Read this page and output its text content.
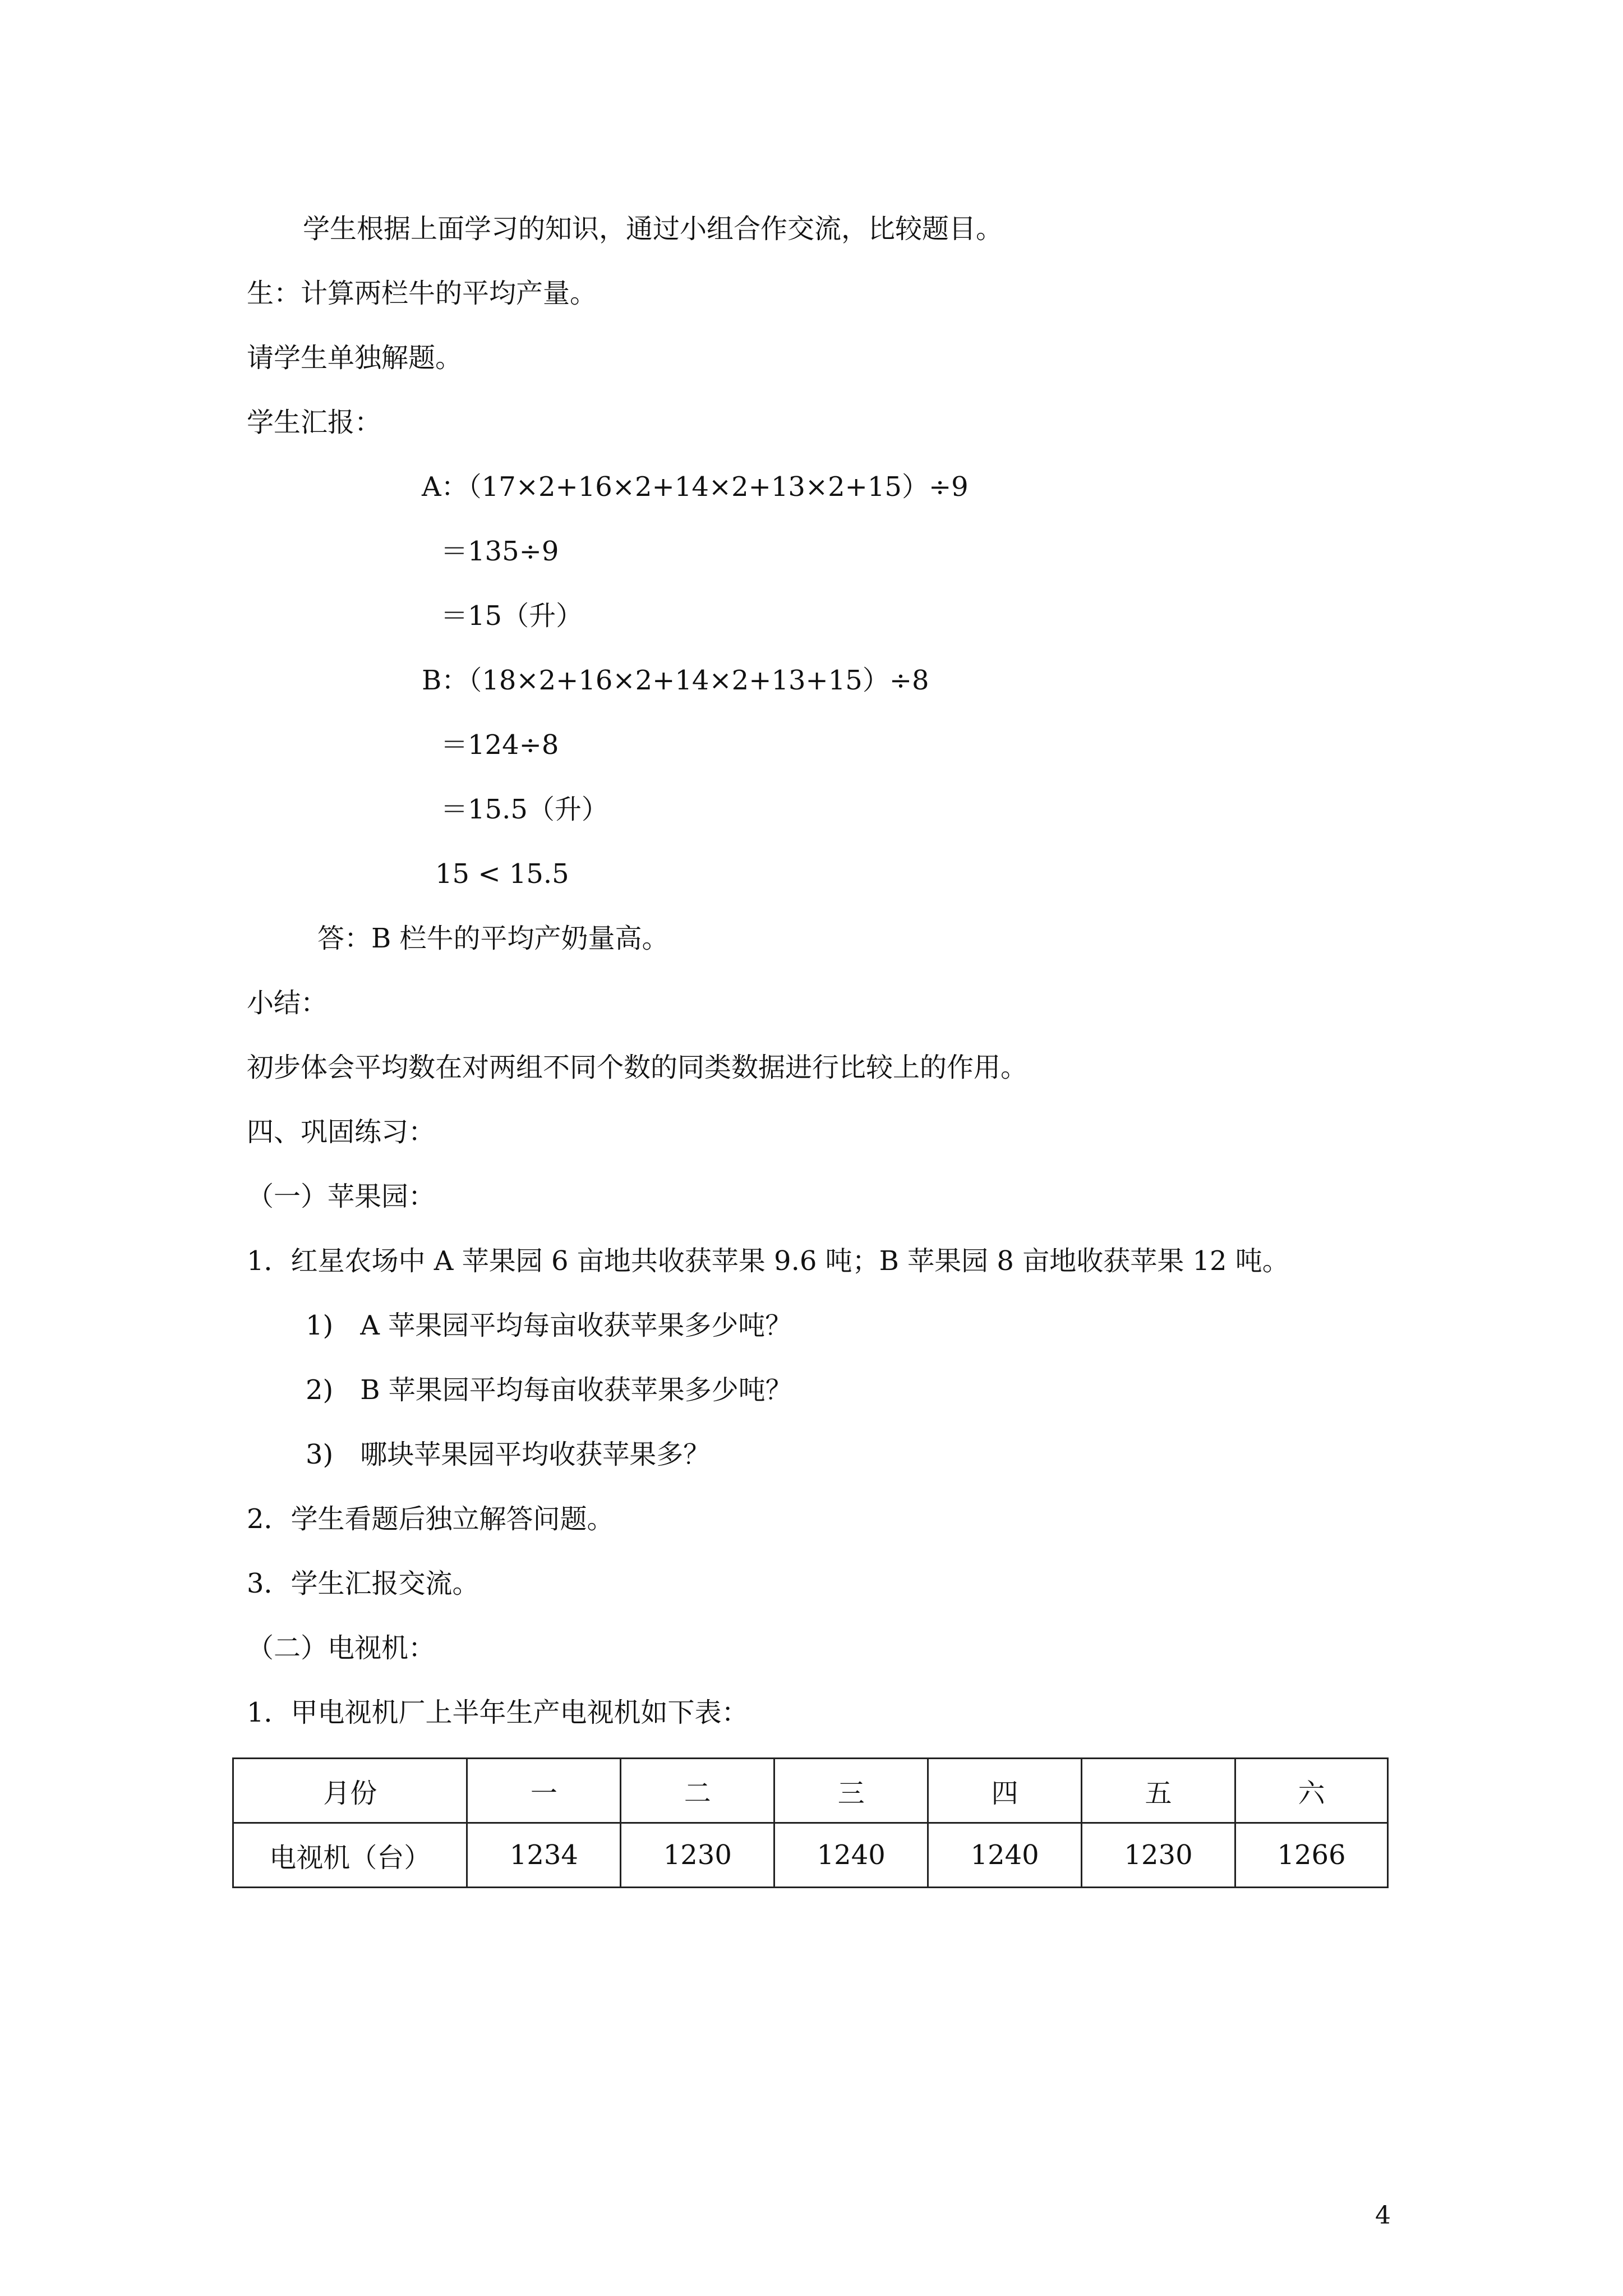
学生根据上面学习的知识，通过小组合作交流，比较题目。
生：计算两栏牛的平均产量。
请学生单独解题。
学生汇报：
A：（17×2+16×2+14×2+13×2+15）÷9
＝135÷9
＝15（升）
B：（18×2+16×2+14×2+13+15）÷8
＝124÷8
＝15.5（升）
15 < 15.5
答：B 栏牛的平均产奶量高。
小结：
初步体会平均数在对两组不同个数的同类数据进行比较上的作用。
四、巩固练习：
（一）苹果园：
1．红星农场中 A 苹果园 6 亩地共收获苹果 9.6 吨；B 苹果园 8 亩地收获苹果 12 吨。
1)　A 苹果园平均每亩收获苹果多少吨？
2)　B 苹果园平均每亩收获苹果多少吨？
3)　哪块苹果园平均收获苹果多？
2．学生看题后独立解答问题。
3．学生汇报交流。
（二）电视机：
1．甲电视机厂上半年生产电视机如下表：
月份	一	二	三	四	五	六
电视机（台）	1234	1230	1240	1240	1230	1266
4
